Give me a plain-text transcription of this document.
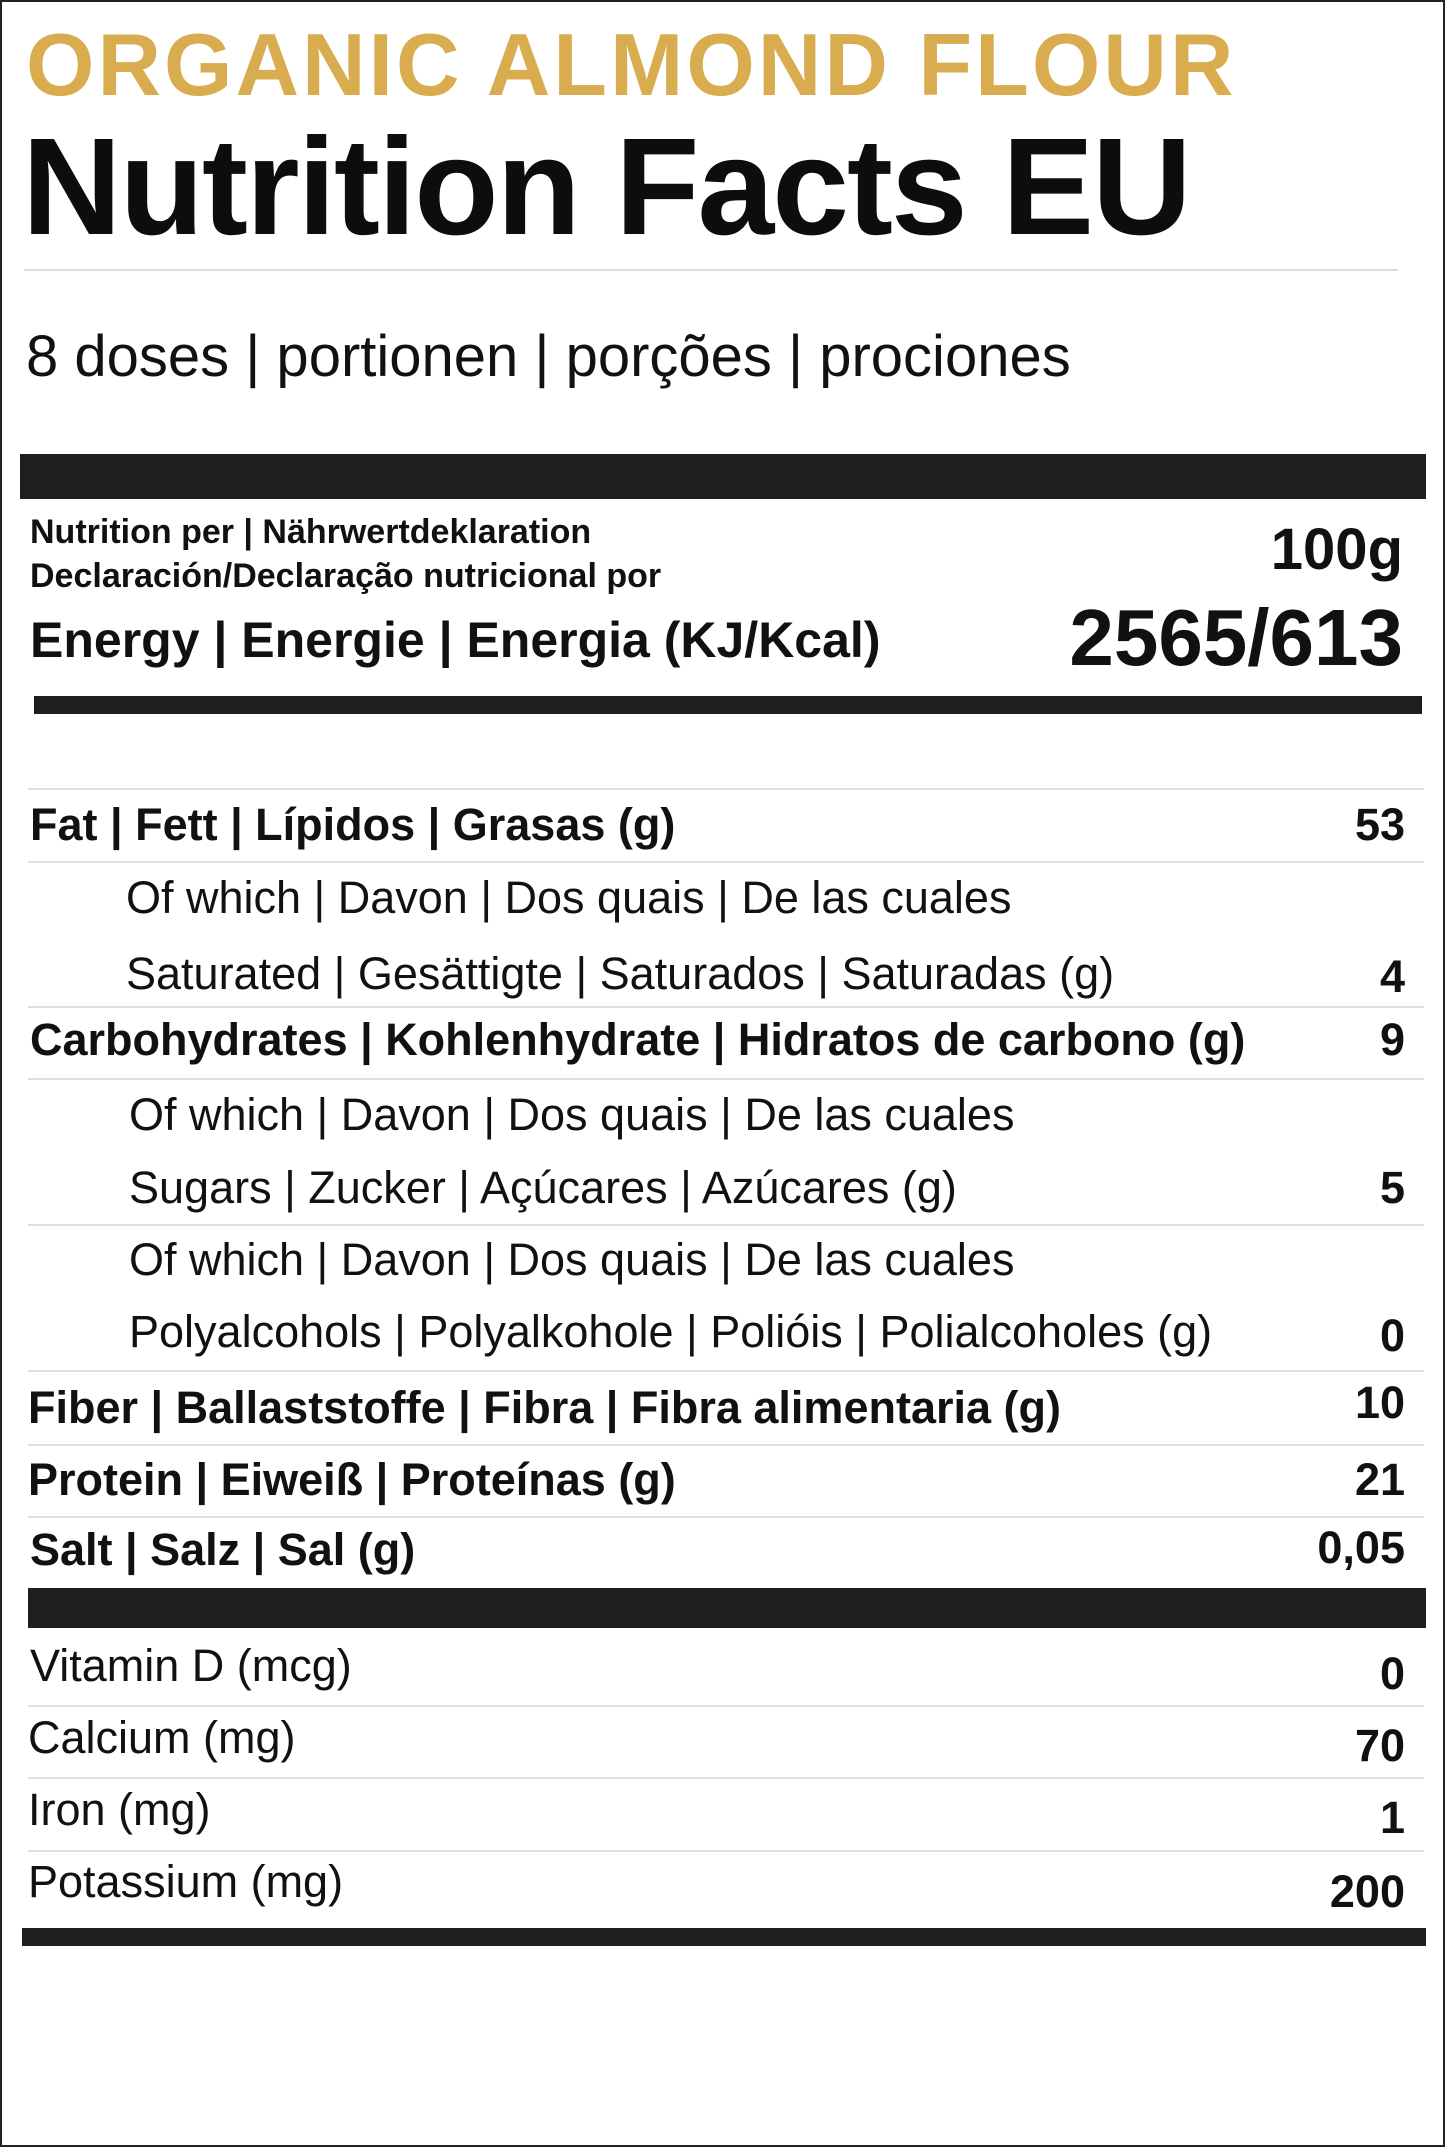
ORGANIC ALMOND FLOUR
Nutrition Facts EU
8 doses | portionen | porções | prociones
Nutrition per | Nährwertdeklaration
Declaración/Declaração nutricional por	100g
Energy | Energie | Energia (KJ/Kcal) 2565/613
Fat | Fett | Lípidos | Grasas (g)	53
Of which | Davon | Dos quais | De las cuales
Saturated | Gesättigte | Saturados | Saturadas (g)	4
Carbohydrates | Kohlenhydrate | Hidratos de carbono (g)	9
Of which | Davon | Dos quais | De las cuales
Sugars | Zucker | Açúcares | Azúcares (g)	5
Of which | Davon | Dos quais | De las cuales
Polyalcohols | Polyalkohole | Polióis | Polialcoholes (g)	0
Fiber | Ballaststoffe | Fibra | Fibra alimentaria (g)	10
Protein | Eiweiß | Proteínas (g)	21
Salt | Salz | Sal (g)	0,05
Vitamin D (mcg)	0
Calcium (mg)	70
Iron (mg)	1
Potassium (mg)	200
